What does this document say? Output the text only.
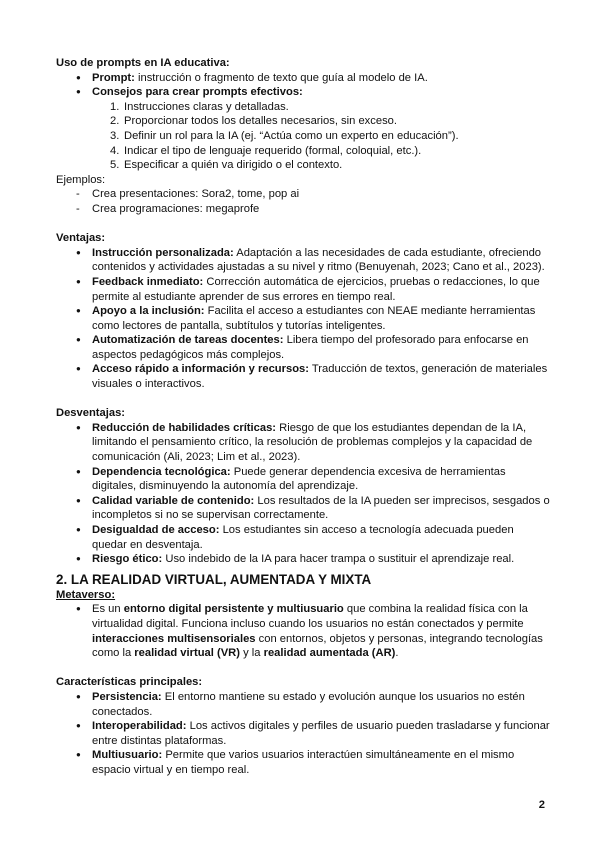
Uso de prompts en IA educativa:
● Prompt: instrucción o fragmento de texto que guía al modelo de IA.
● Consejos para crear prompts efectivos:
1. Instrucciones claras y detalladas.
2. Proporcionar todos los detalles necesarios, sin exceso.
3. Definir un rol para la IA (ej. “Actúa como un experto en educación”).
4. Indicar el tipo de lenguaje requerido (formal, coloquial, etc.).
5. Especificar a quién va dirigido o el contexto.
Ejemplos:
- Crea presentaciones: Sora2, tome, pop ai
- Crea programaciones: megaprofe
Ventajas:
● Instrucción personalizada: Adaptación a las necesidades de cada estudiante, ofreciendo contenidos y actividades ajustadas a su nivel y ritmo (Benuyenah, 2023; Cano et al., 2023).
● Feedback inmediato: Corrección automática de ejercicios, pruebas o redacciones, lo que permite al estudiante aprender de sus errores en tiempo real.
● Apoyo a la inclusión: Facilita el acceso a estudiantes con NEAE mediante herramientas como lectores de pantalla, subtítulos y tutorías inteligentes.
● Automatización de tareas docentes: Libera tiempo del profesorado para enfocarse en aspectos pedagógicos más complejos.
● Acceso rápido a información y recursos: Traducción de textos, generación de materiales visuales o interactivos.
Desventajas:
● Reducción de habilidades críticas: Riesgo de que los estudiantes dependan de la IA, limitando el pensamiento crítico, la resolución de problemas complejos y la capacidad de comunicación (Ali, 2023; Lim et al., 2023).
● Dependencia tecnológica: Puede generar dependencia excesiva de herramientas digitales, disminuyendo la autonomía del aprendizaje.
● Calidad variable de contenido: Los resultados de la IA pueden ser imprecisos, sesgados o incompletos si no se supervisan correctamente.
● Desigualdad de acceso: Los estudiantes sin acceso a tecnología adecuada pueden quedar en desventaja.
● Riesgo ético: Uso indebido de la IA para hacer trampa o sustituir el aprendizaje real.
2. LA REALIDAD VIRTUAL, AUMENTADA Y MIXTA
Metaverso:
● Es un entorno digital persistente y multiusuario que combina la realidad física con la virtualidad digital. Funciona incluso cuando los usuarios no están conectados y permite interacciones multisensoriales con entornos, objetos y personas, integrando tecnologías como la realidad virtual (VR) y la realidad aumentada (AR).
Características principales:
● Persistencia: El entorno mantiene su estado y evolución aunque los usuarios no estén conectados.
● Interoperabilidad: Los activos digitales y perfiles de usuario pueden trasladarse y funcionar entre distintas plataformas.
● Multiusuario: Permite que varios usuarios interactúen simultáneamente en el mismo espacio virtual y en tiempo real.
2
